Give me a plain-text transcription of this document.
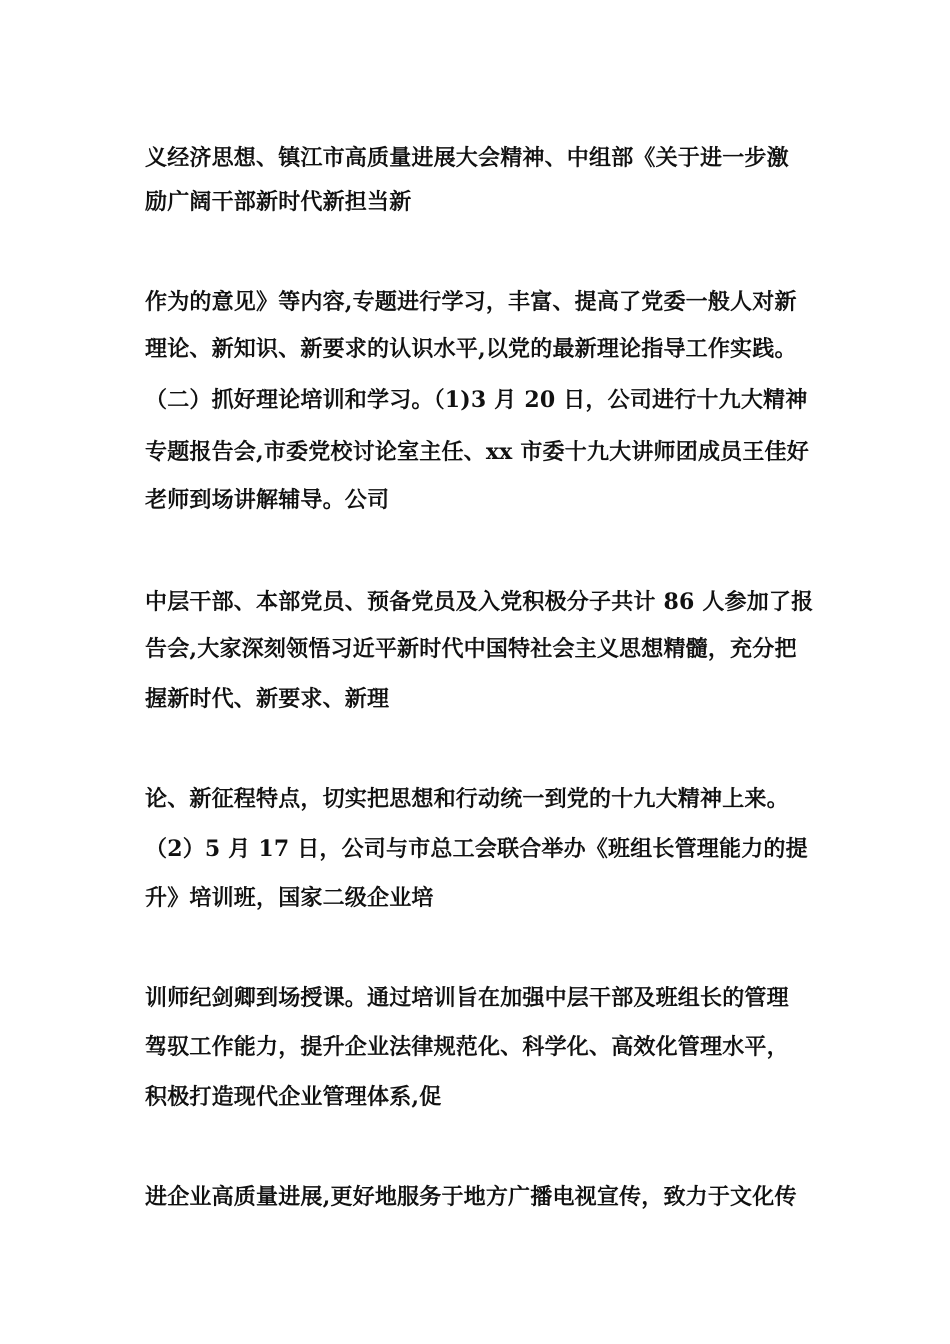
义经济思想、镇江市高质量进展大会精神、中组部《关于进一步激
励广阔干部新时代新担当新
作为的意见》等内容,专题进行学习，丰富、提高了党委一般人对新
理论、新知识、新要求的认识水平,以党的最新理论指导工作实践。
（二）抓好理论培训和学习。（1)3 月 20 日，公司进行十九大精神
专题报告会,市委党校讨论室主任、xx 市委十九大讲师团成员王佳好
老师到场讲解辅导。公司
中层干部、本部党员、预备党员及入党积极分子共计 86 人参加了报
告会,大家深刻领悟习近平新时代中国特社会主义思想精髓，充分把
握新时代、新要求、新理
论、新征程特点，切实把思想和行动统一到党的十九大精神上来。
（2）5 月 17 日，公司与市总工会联合举办《班组长管理能力的提
升》培训班，国家二级企业培
训师纪剑卿到场授课。通过培训旨在加强中层干部及班组长的管理
驾驭工作能力，提升企业法律规范化、科学化、高效化管理水平，
积极打造现代企业管理体系,促
进企业高质量进展,更好地服务于地方广播电视宣传，致力于文化传
